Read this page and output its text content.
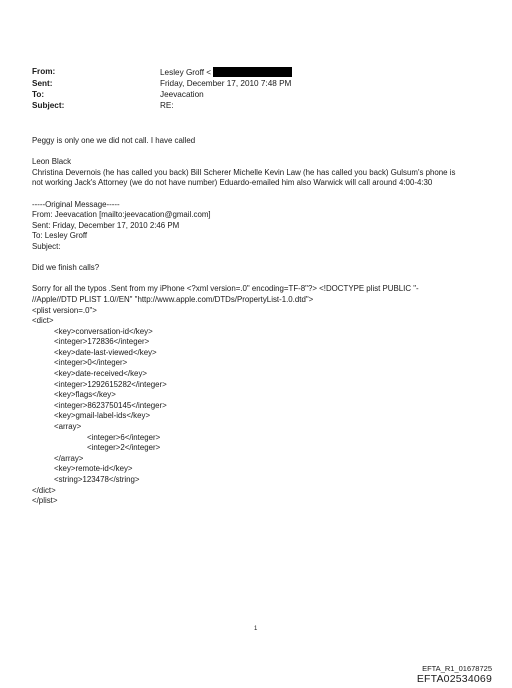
From:	Lesley Groff <
Sent:	Friday, December 17, 2010 7:48 PM
To:	Jeevacation
Subject:	RE:
Peggy is only one we did not call. I have called
Leon Black
Christina Devernois (he has called you back) Bill Scherer Michelle Kevin Law (he has called you back) Gulsum's phone is
not working Jack's Attorney (we do not have number) Eduardo-emailed him also Warwick will call around 4:00-4:30
-----Original Message-----
From: Jeevacation [mailto:jeevacation@gmail.com]
Sent: Friday, December 17, 2010 2:46 PM
To: Lesley Groff
Subject:
Did we finish calls?
Sorry for all the typos .Sent from my iPhone <?xml version=.0" encoding=TF-8"?> <!DOCTYPE plist PUBLIC "-
//Apple//DTD PLIST 1.0//EN" "http://www.apple.com/DTDs/PropertyList-1.0.dtd">
<plist version=.0">
<dict>
<key>conversation-id</key>
<integer>172836</integer>
<key>date-last-viewed</key>
<integer>0</integer>
<key>date-received</key>
<integer>1292615282</integer>
<key>flags</key>
<integer>8623750145</integer>
<key>gmail-label-ids</key>
<array>
<integer>6</integer>
<integer>2</integer>
</array>
<key>remote-id</key>
<string>123478</string>
</dict>
</plist>
1
EFTA_R1_01678725
EFTA02534069
